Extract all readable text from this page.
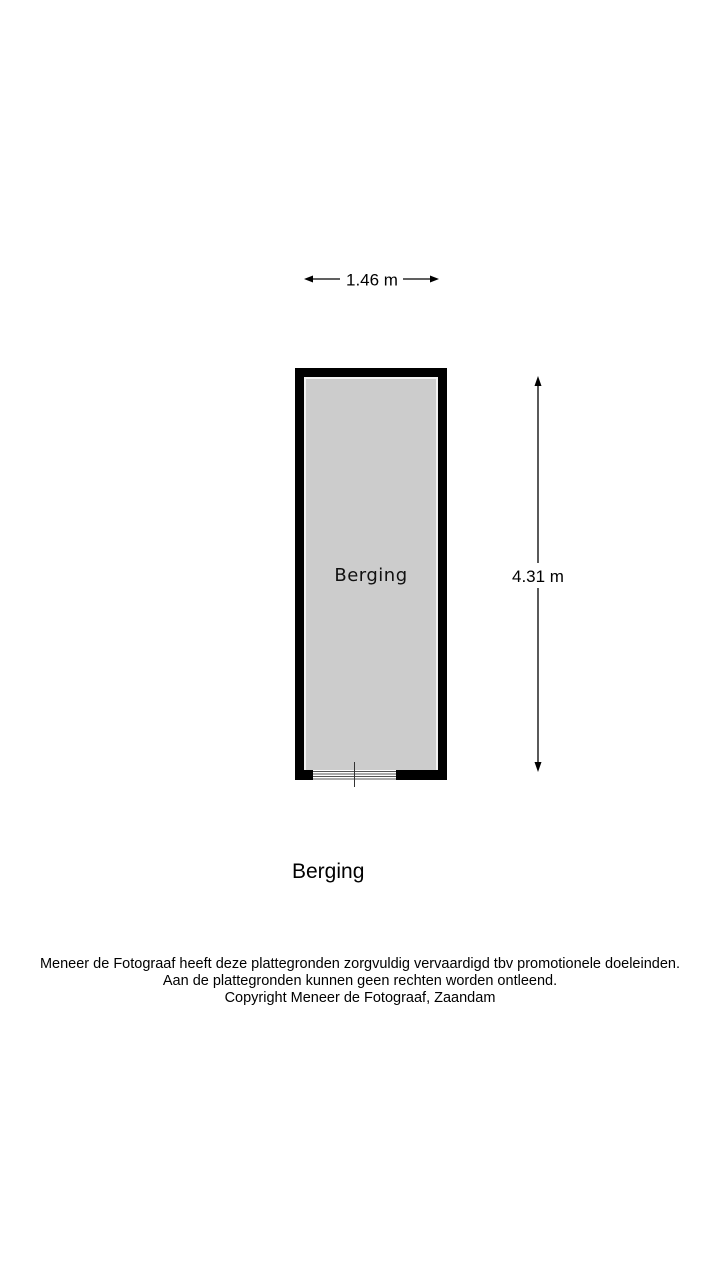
1.46 m
Berging	4.31 m
Berging
Meneer de Fotograaf heeft deze plattegronden zorgvuldig vervaardigd tbv promotionele doeleinden.
Aan de plattegronden kunnen geen rechten worden ontleend.
Copyright Meneer de Fotograaf, Zaandam
